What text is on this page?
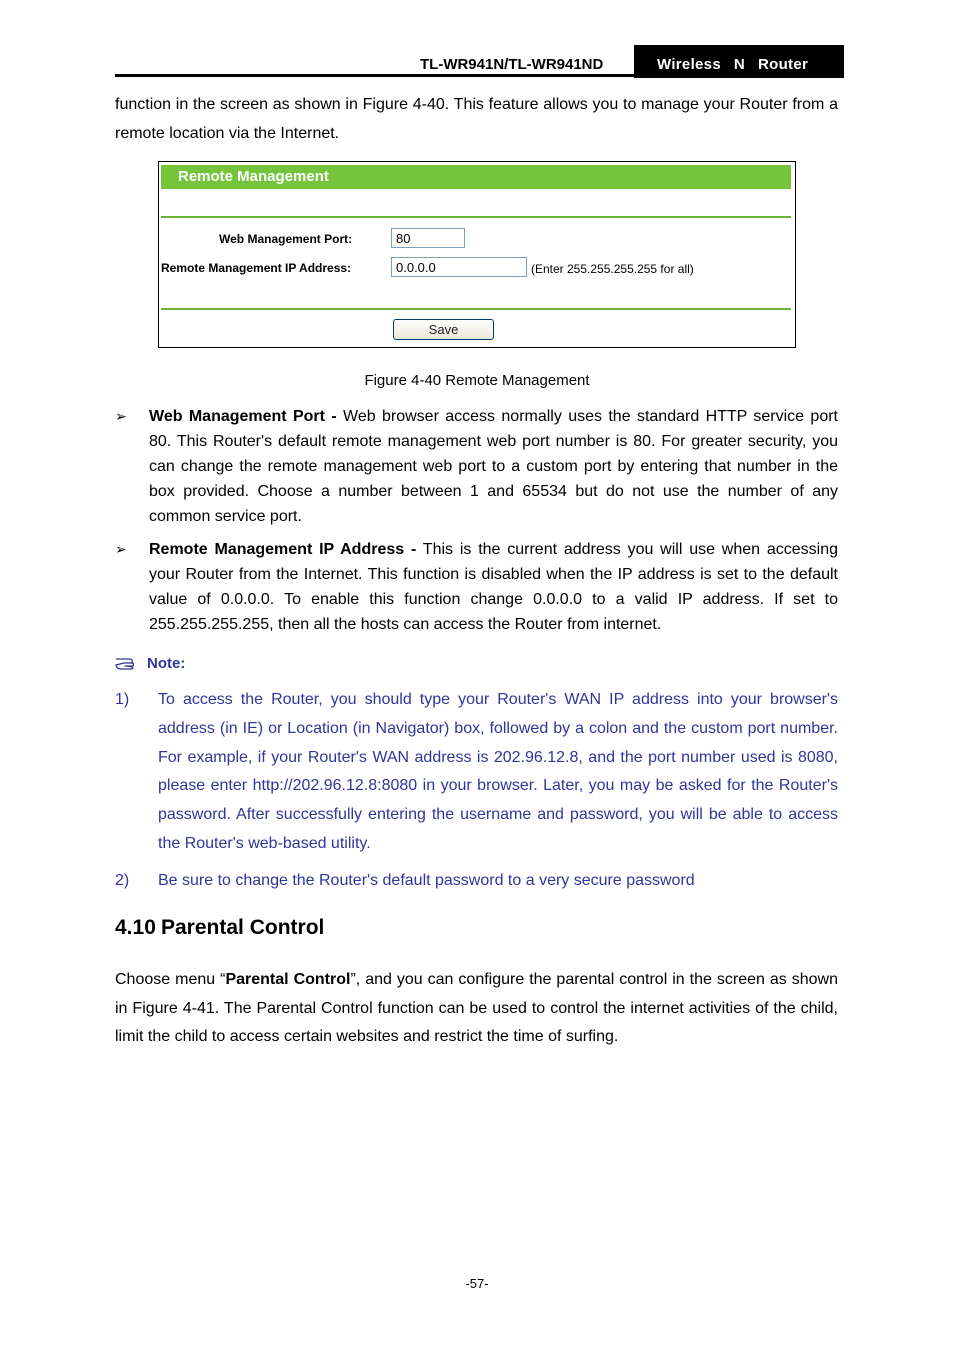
TL-WR941N/TL-WR941ND	Wireless  N  Router

function in the screen as shown in Figure 4-40. This feature allows you to manage your Router from a remote location via the Internet.

Remote Management
Web Management Port:	80
Remote Management IP Address:	0.0.0.0	(Enter 255.255.255.255 for all)
Save
Figure 4-40 Remote Management
➢ Web Management Port - Web browser access normally uses the standard HTTP service port 80. This Router's default remote management web port number is 80. For greater security, you can change the remote management web port to a custom port by entering that number in the box provided. Choose a number between 1 and 65534 but do not use the number of any common service port.

➢ Remote Management IP Address - This is the current address you will use when accessing your Router from the Internet. This function is disabled when the IP address is set to the default value of 0.0.0.0. To enable this function change 0.0.0.0 to a valid IP address. If set to 255.255.255.255, then all the hosts can access the Router from internet.

Note:
1) To access the Router, you should type your Router's WAN IP address into your browser's address (in IE) or Location (in Navigator) box, followed by a colon and the custom port number. For example, if your Router's WAN address is 202.96.12.8, and the port number used is 8080, please enter http://202.96.12.8:8080 in your browser. Later, you may be asked for the Router's password. After successfully entering the username and password, you will be able to access the Router's web-based utility.

2) Be sure to change the Router's default password to a very secure password

4.10 Parental Control

Choose menu “Parental Control”, and you can configure the parental control in the screen as shown in Figure 4-41. The Parental Control function can be used to control the internet activities of the child, limit the child to access certain websites and restrict the time of surfing.

-57-
